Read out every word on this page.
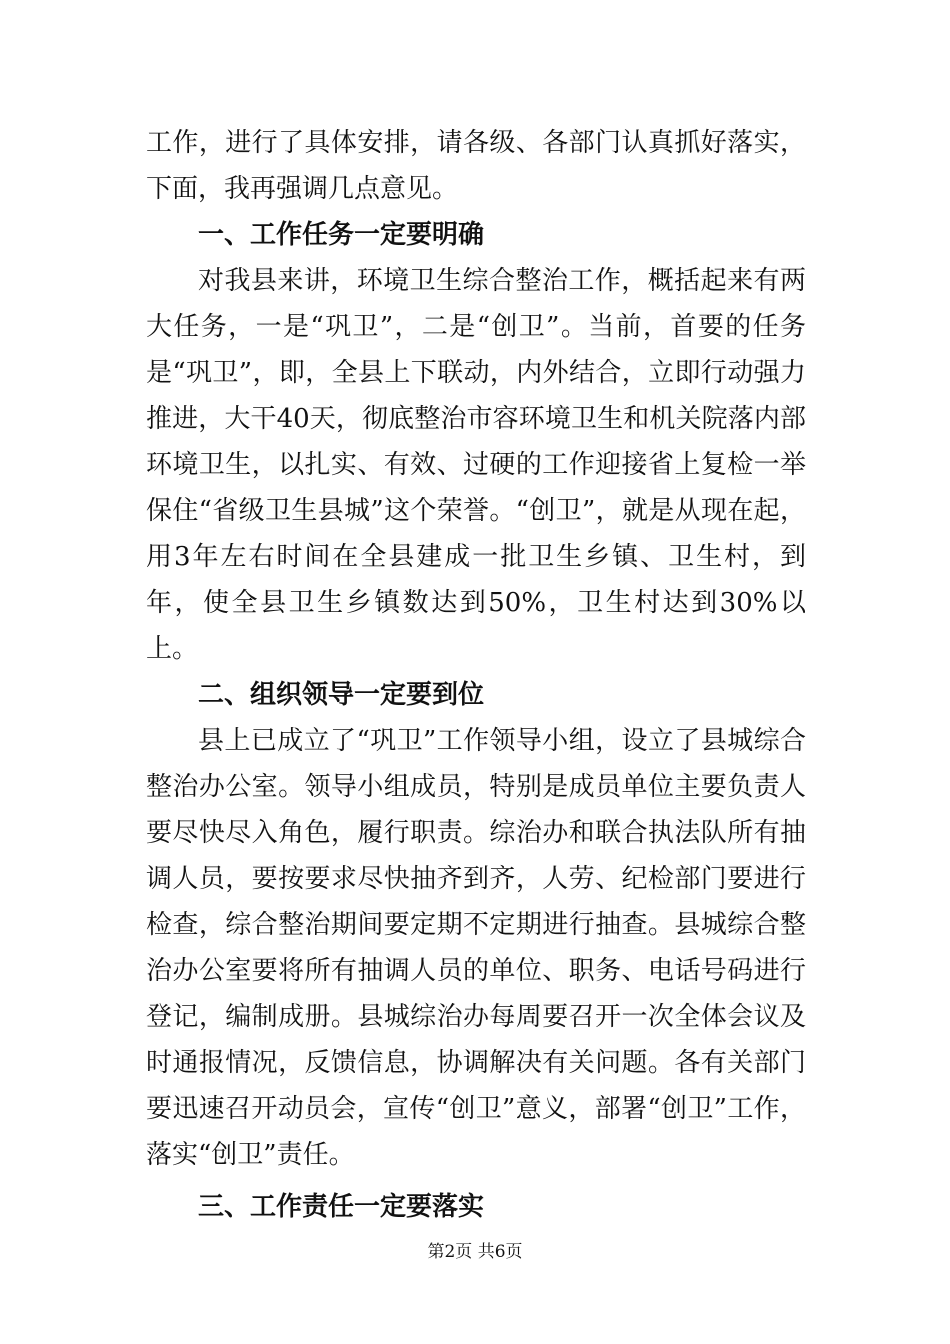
工作，进行了具体安排，请各级、各部门认真抓好落实，下面，我再强调几点意见。

一、工作任务一定要明确

对我县来讲，环境卫生综合整治工作，概括起来有两大任务，一是“巩卫”，二是“创卫”。当前，首要的任务是“巩卫”，即，全县上下联动，内外结合，立即行动强力推进，大干40天，彻底整治市容环境卫生和机关院落内部环境卫生，以扎实、有效、过硬的工作迎接省上复检一举保住“省级卫生县城”这个荣誉。“创卫”，就是从现在起，用3年左右时间在全县建成一批卫生乡镇、卫生村，到年，使全县卫生乡镇数达到50%，卫生村达到30%以上。

二、组织领导一定要到位

县上已成立了“巩卫”工作领导小组，设立了县城综合整治办公室。领导小组成员，特别是成员单位主要负责人要尽快尽入角色，履行职责。综治办和联合执法队所有抽调人员，要按要求尽快抽齐到齐，人劳、纪检部门要进行检查，综合整治期间要定期不定期进行抽查。县城综合整治办公室要将所有抽调人员的单位、职务、电话号码进行登记，编制成册。县城综治办每周要召开一次全体会议及时通报情况，反馈信息，协调解决有关问题。各有关部门要迅速召开动员会，宣传“创卫”意义，部署“创卫”工作，落实“创卫”责任。

三、工作责任一定要落实

第2页 共6页
